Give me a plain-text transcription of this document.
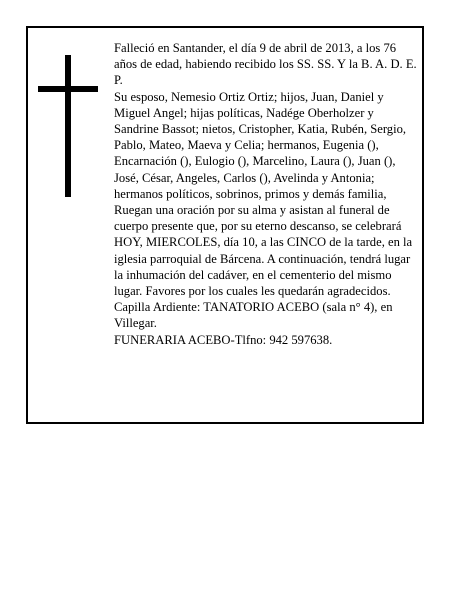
Falleció en Santander, el día 9 de abril de 2013, a los 76 años de edad, habiendo recibido los SS. SS. Y la B. A. D. E. P.

Su esposo, Nemesio Ortiz Ortiz; hijos, Juan, Daniel y Miguel Angel; hijas políticas, Nadége Oberholzer y Sandrine Bassot; nietos, Cristopher, Katia, Rubén, Sergio, Pablo, Mateo, Maeva y Celia; hermanos, Eugenia (), Encarnación (), Eulogio (), Marcelino, Laura (), Juan (), José, César, Angeles, Carlos (), Avelinda y Antonia; hermanos políticos, sobrinos, primos y demás familia,

Ruegan una oración por su alma y asistan al funeral de cuerpo presente que, por su eterno descanso, se celebrará HOY, MIERCOLES, día 10, a las CINCO de la tarde, en la iglesia parroquial de Bárcena. A continuación, tendrá lugar la inhumación del cadáver, en el cementerio del mismo lugar. Favores por los cuales les quedarán agradecidos. Capilla Ardiente: TANATORIO ACEBO (sala n° 4), en Villegar.

FUNERARIA ACEBO-Tlfno: 942 597638.
